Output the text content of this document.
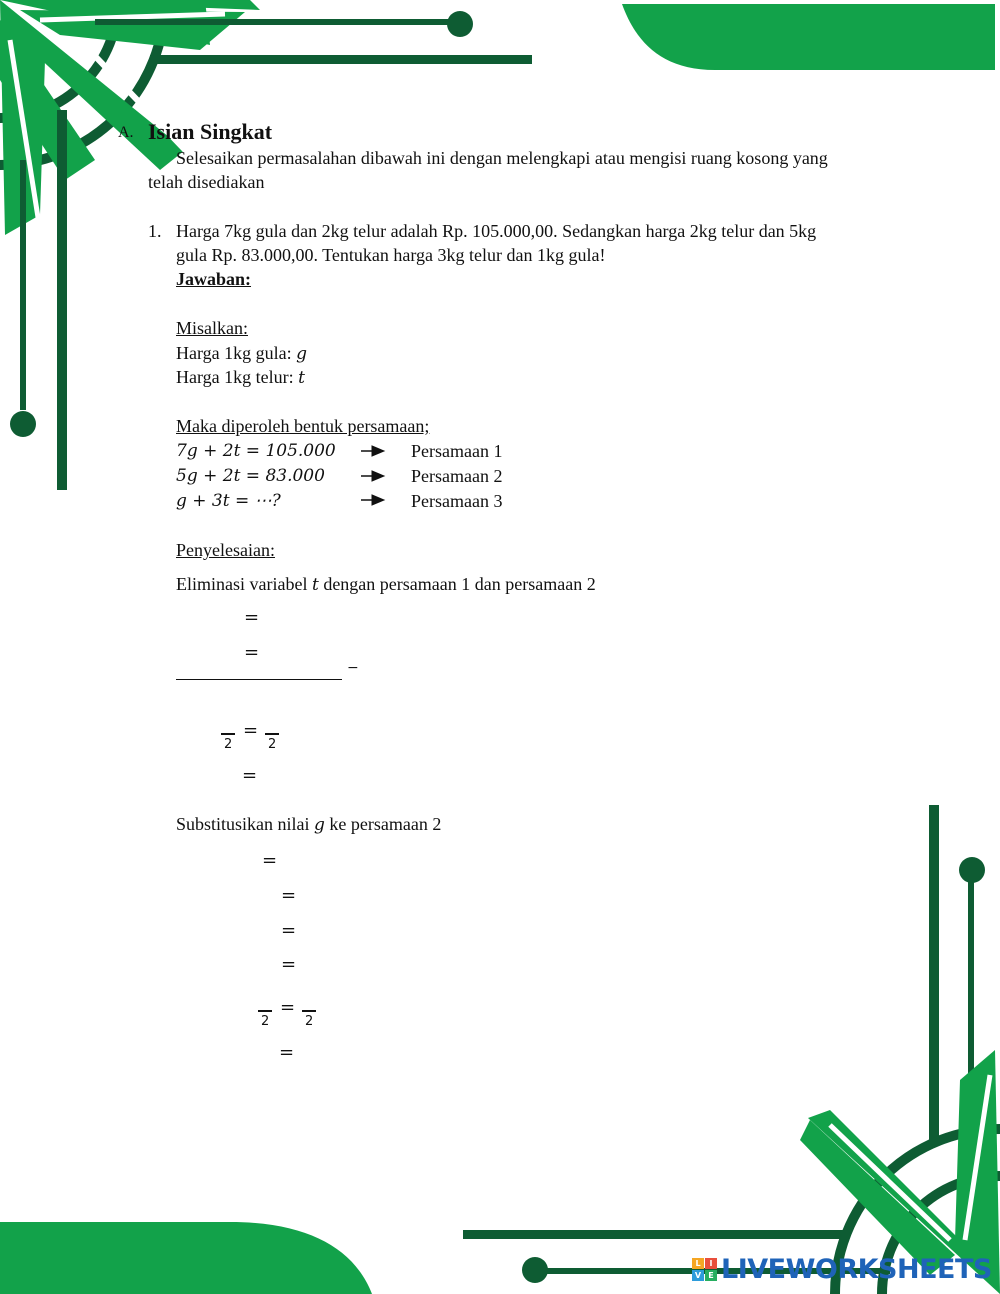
A. Isian Singkat
Selesaikan permasalahan dibawah ini dengan melengkapi atau mengisi ruang kosong yang
telah disediakan
1. Harga 7kg gula dan 2kg telur adalah Rp. 105.000,00. Sedangkan harga 2kg telur dan 5kg
gula Rp. 83.000,00. Tentukan harga 3kg telur dan 1kg gula!
Jawaban:
Misalkan:
Harga 1kg gula: g
Harga 1kg telur: t
Maka diperoleh bentuk persamaan;
7g + 2t = 105.000	Persamaan 1
5g + 2t = 83.000	Persamaan 2
g + 3t = ⋯?	Persamaan 3
Penyelesaian:
Eliminasi variabel t dengan persamaan 1 dan persamaan 2
=
=
−
2
=
2
=
Substitusikan nilai g ke persamaan 2
=
=
=
=
2
=
2
=
L	I
V E LIVEWORKSHEETS
